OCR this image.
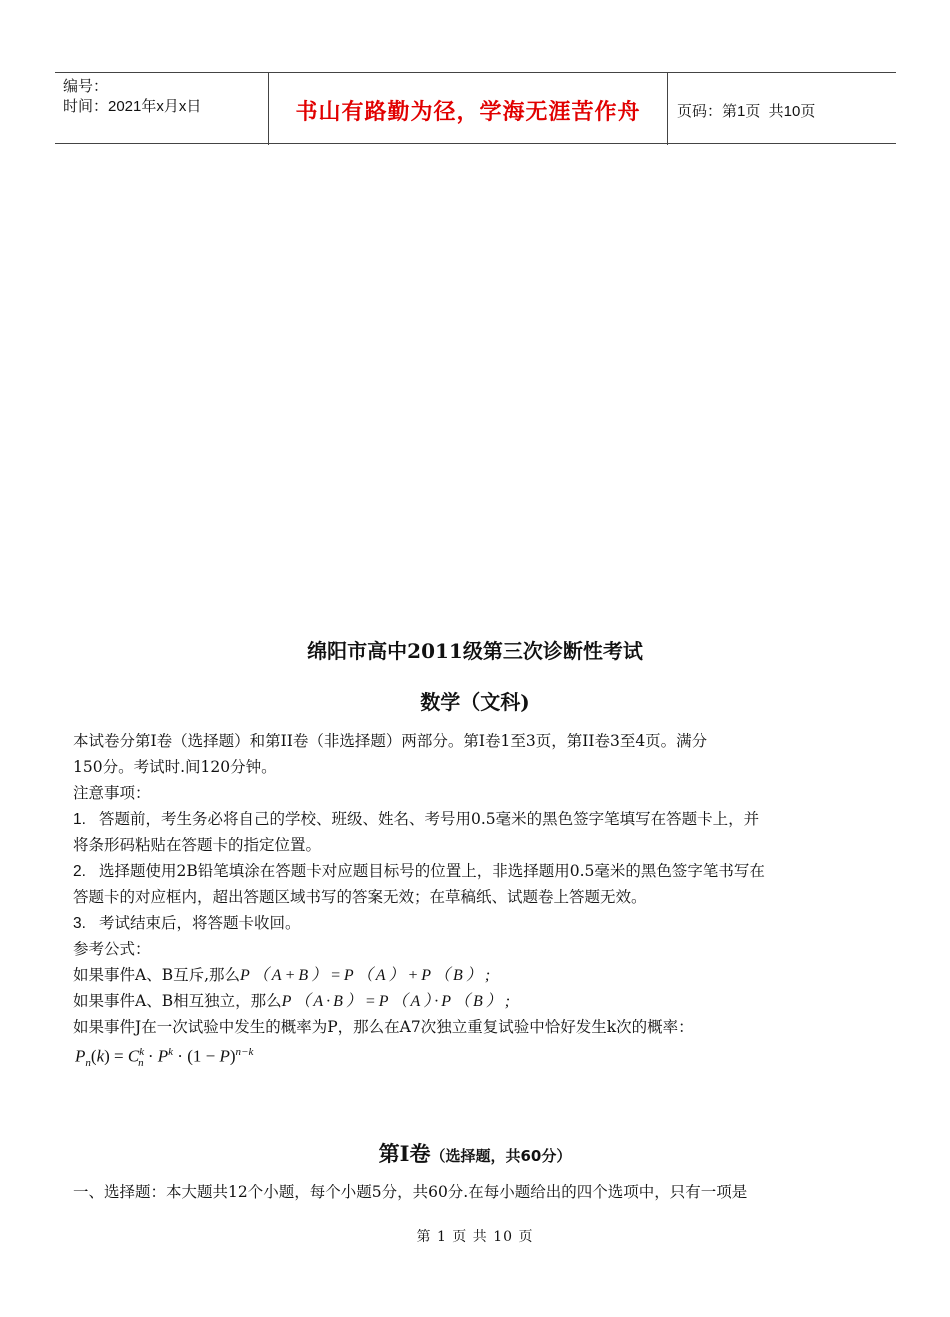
编号：
时间：2021年x月x日	书山有路勤为径，学海无涯苦作舟	页码：第1页  共10页
绵阳市高中2011级第三次诊断性考试
数学（文科)
本试卷分第I卷（选择题）和第II卷（非选择题）两部分。第I卷1至3页，第II卷3至4页。满分
150分。考试时.间120分钟。
注意事项：
1. 答题前，考生务必将自己的学校、班级、姓名、考号用0.5毫米的黑色签字笔填写在答题卡上，并
将条形码粘贴在答题卡的指定位置。
2. 选择题使用2B铅笔填涂在答题卡对应题目标号的位置上，非选择题用0.5毫米的黑色签字笔书写在
答题卡的对应框内，超出答题区域书写的答案无效；在草稿纸、试题卷上答题无效。
3. 考试结束后，将答题卡收回。
参考公式：
如果事件A、B互斥,那么P（A+B）=P（A）+P（B）;
如果事件A、B相互独立，那么P（A·B）=P（A）·P（B）;
如果事件J在一次试验中发生的概率为P，那么在A7次独立重复试验中恰好发生k次的概率：
$P_n(k) = C^k_n \cdot P^k \cdot (1 - P)^{n-k}$
第I卷（选择题，共60分）
一、选择题：本大题共12个小题，每个小题5分，共60分.在每小题给出的四个选项中，只有一项是
第 1 页 共 10 页
